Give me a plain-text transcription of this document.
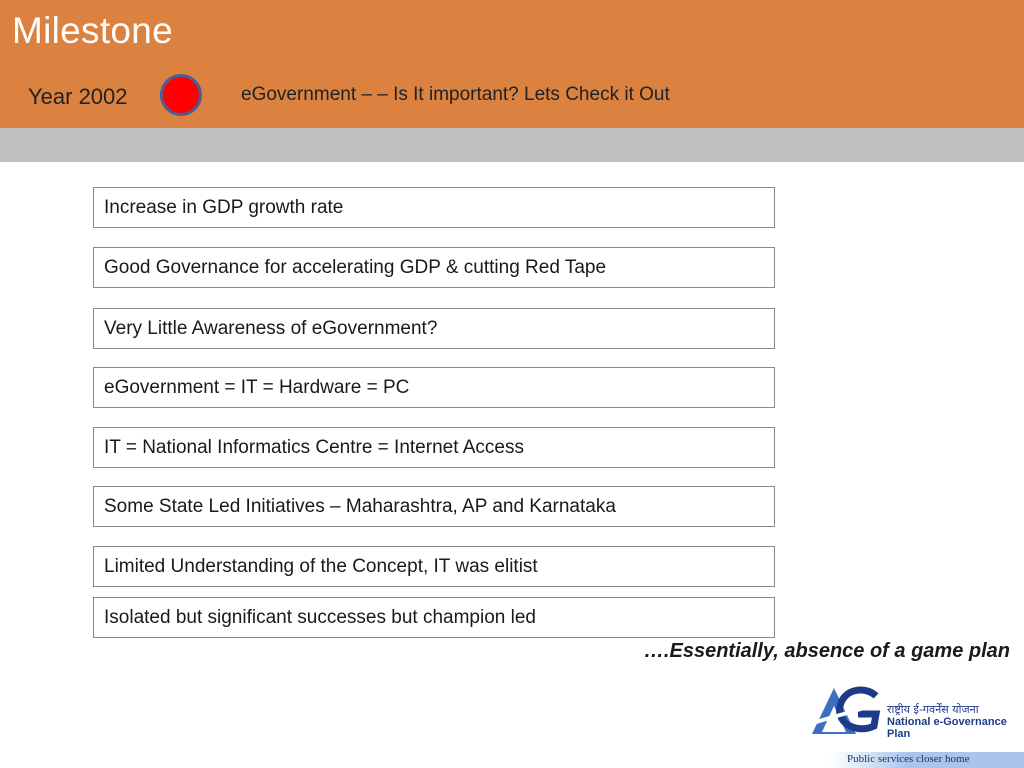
Milestone
Year 2002	eGovernment – – Is It important? Lets Check it Out
Increase in GDP growth rate
Good Governance for accelerating GDP & cutting Red Tape
Very Little Awareness of eGovernment?
eGovernment = IT = Hardware = PC
IT = National Informatics Centre = Internet Access
Some State Led Initiatives – Maharashtra, AP and Karnataka
Limited Understanding of the Concept, IT was elitist
Isolated but significant successes but champion led
….Essentially, absence of a game plan
राष्ट्रीय ई-गवर्नेंस योजना
National e-Governance Plan
Public services closer home
